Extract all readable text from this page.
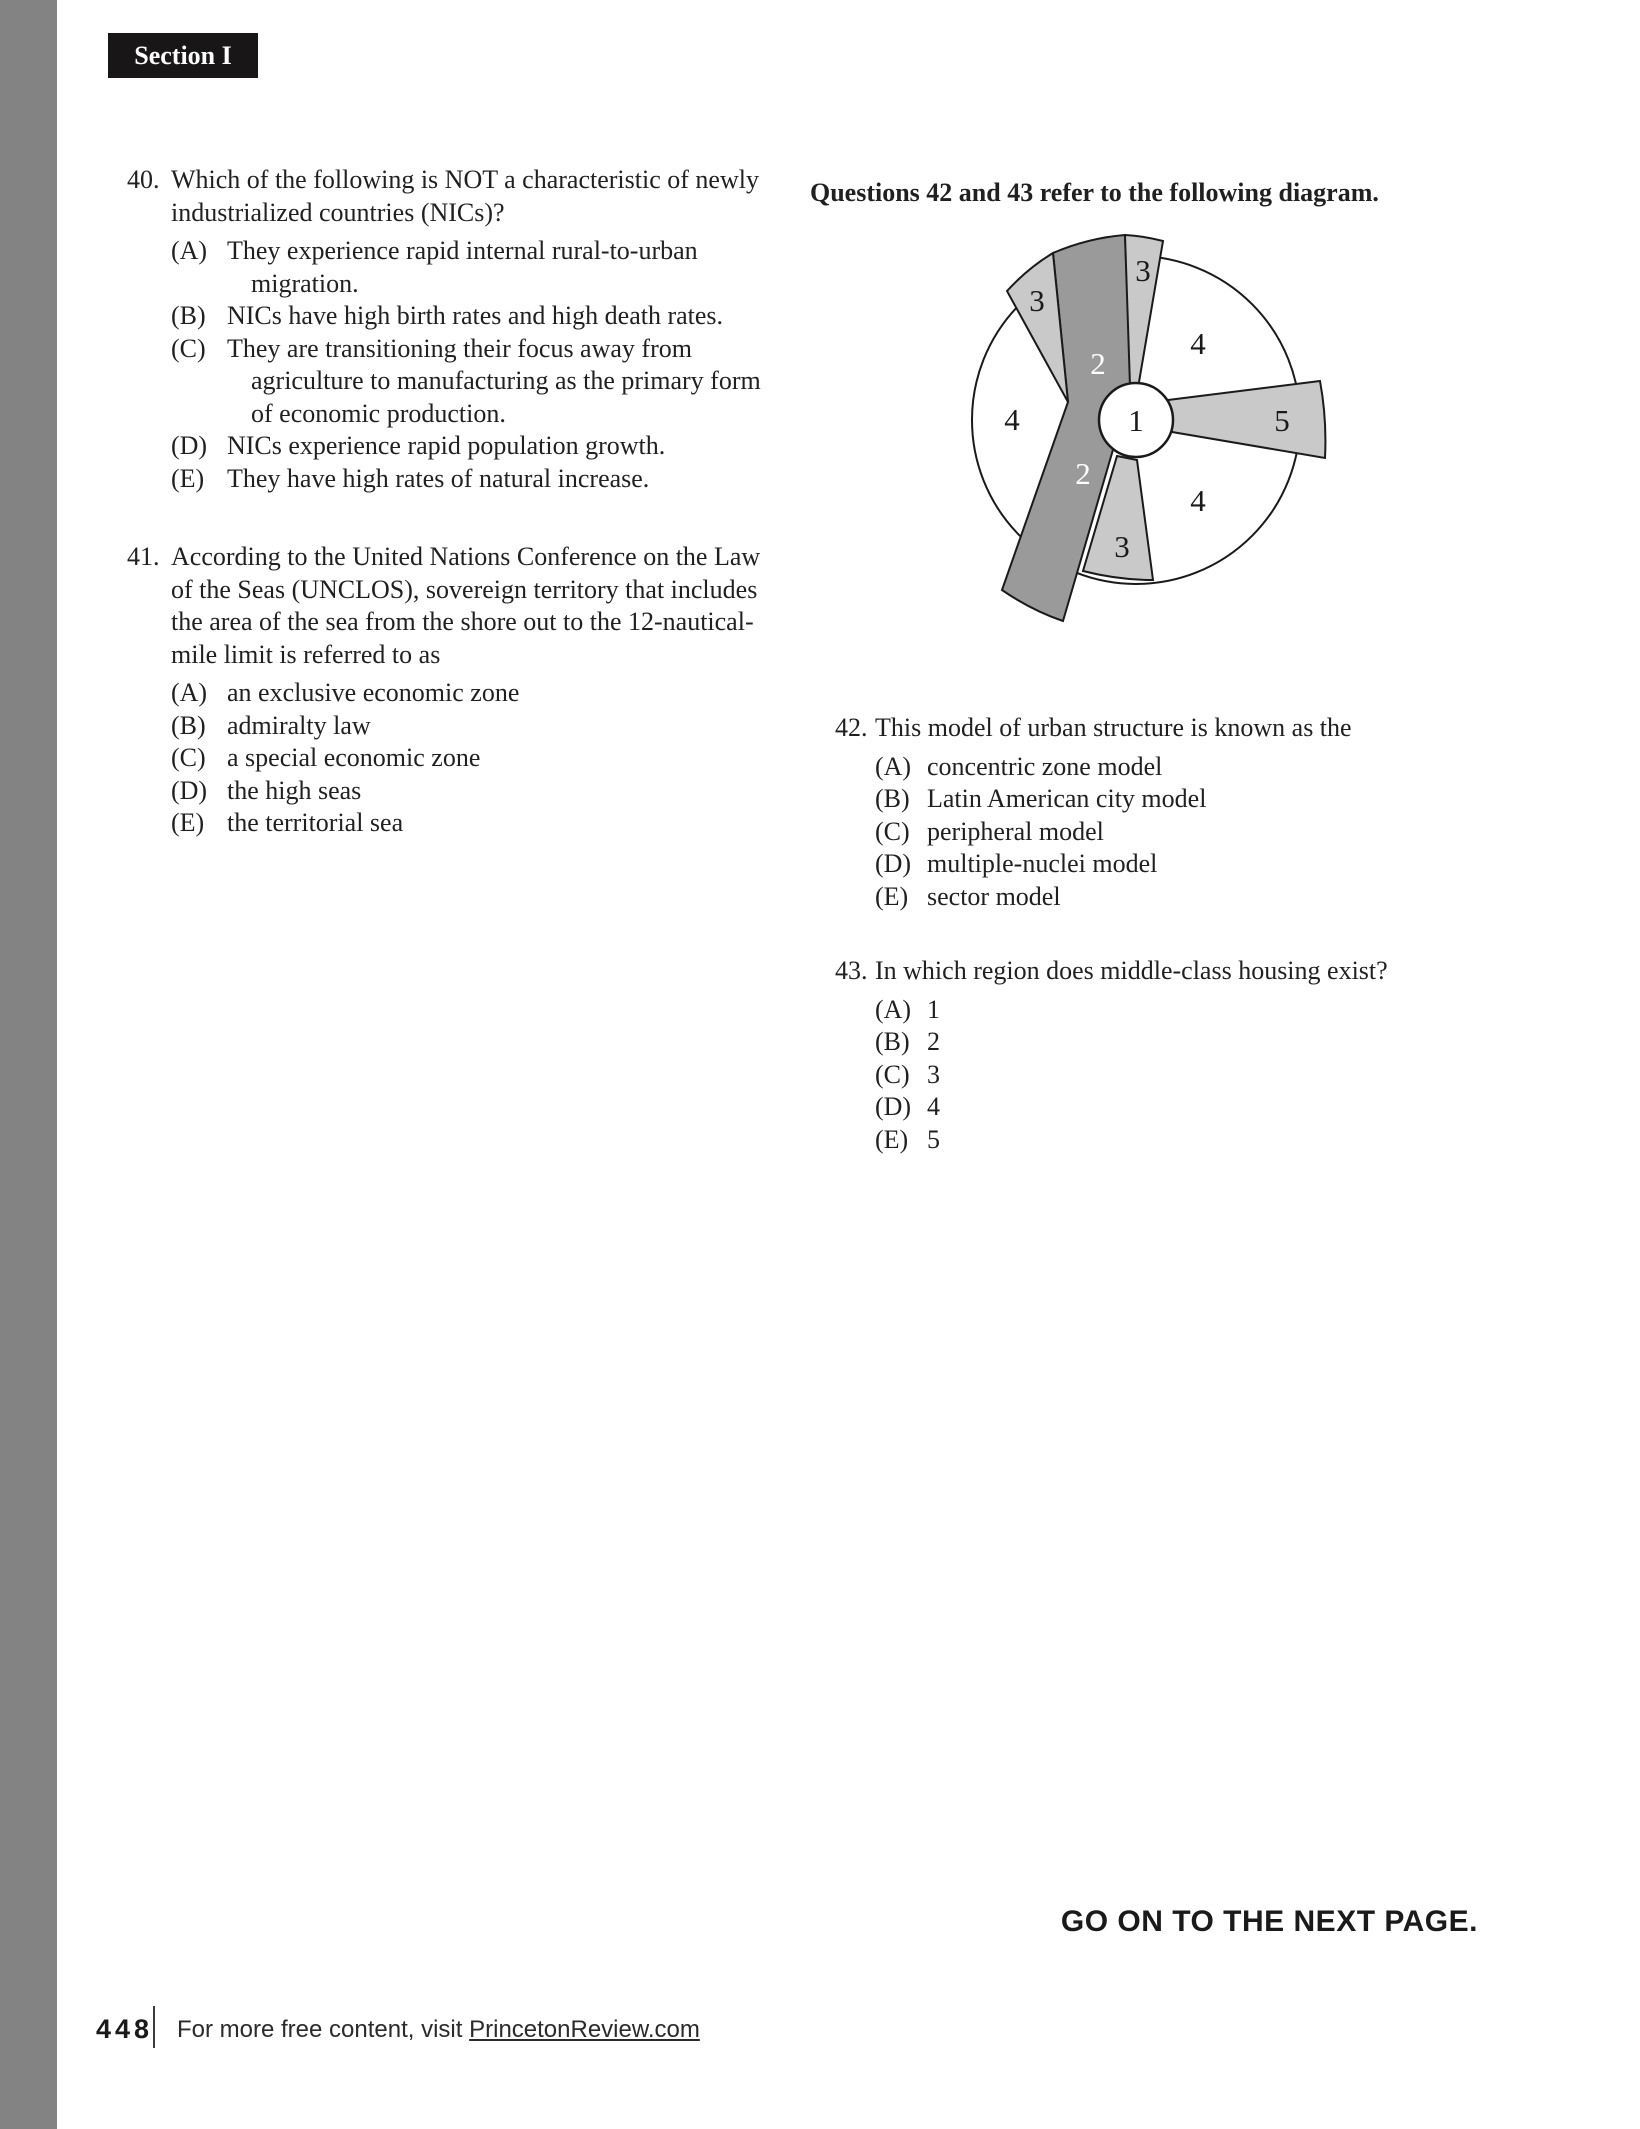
Section I
40. Which of the following is NOT a characteristic of newly
industrialized countries (NICs)?
(A) They experience rapid internal rural-to-urban
migration.
(B) NICs have high birth rates and high death rates.
(C) They are transitioning their focus away from
agriculture to manufacturing as the primary form
of economic production.
(D) NICs experience rapid population growth.
(E) They have high rates of natural increase.
41. According to the United Nations Conference on the Law
of the Seas (UNCLOS), sovereign territory that includes
the area of the sea from the shore out to the 12-nautical-
mile limit is referred to as
(A) an exclusive economic zone
(B) admiralty law
(C) a special economic zone
(D) the high seas
(E) the territorial sea
Questions 42 and 43 refer to the following diagram.
1
2
2
3
3
3
4
4
4
5
42. This model of urban structure is known as the
(A) concentric zone model
(B) Latin American city model
(C) peripheral model
(D) multiple-nuclei model
(E) sector model
43. In which region does middle-class housing exist?
(A) 1
(B) 2
(C) 3
(D) 4
(E) 5
GO ON TO THE NEXT PAGE.
448 For more free content, visit PrincetonReview.com
